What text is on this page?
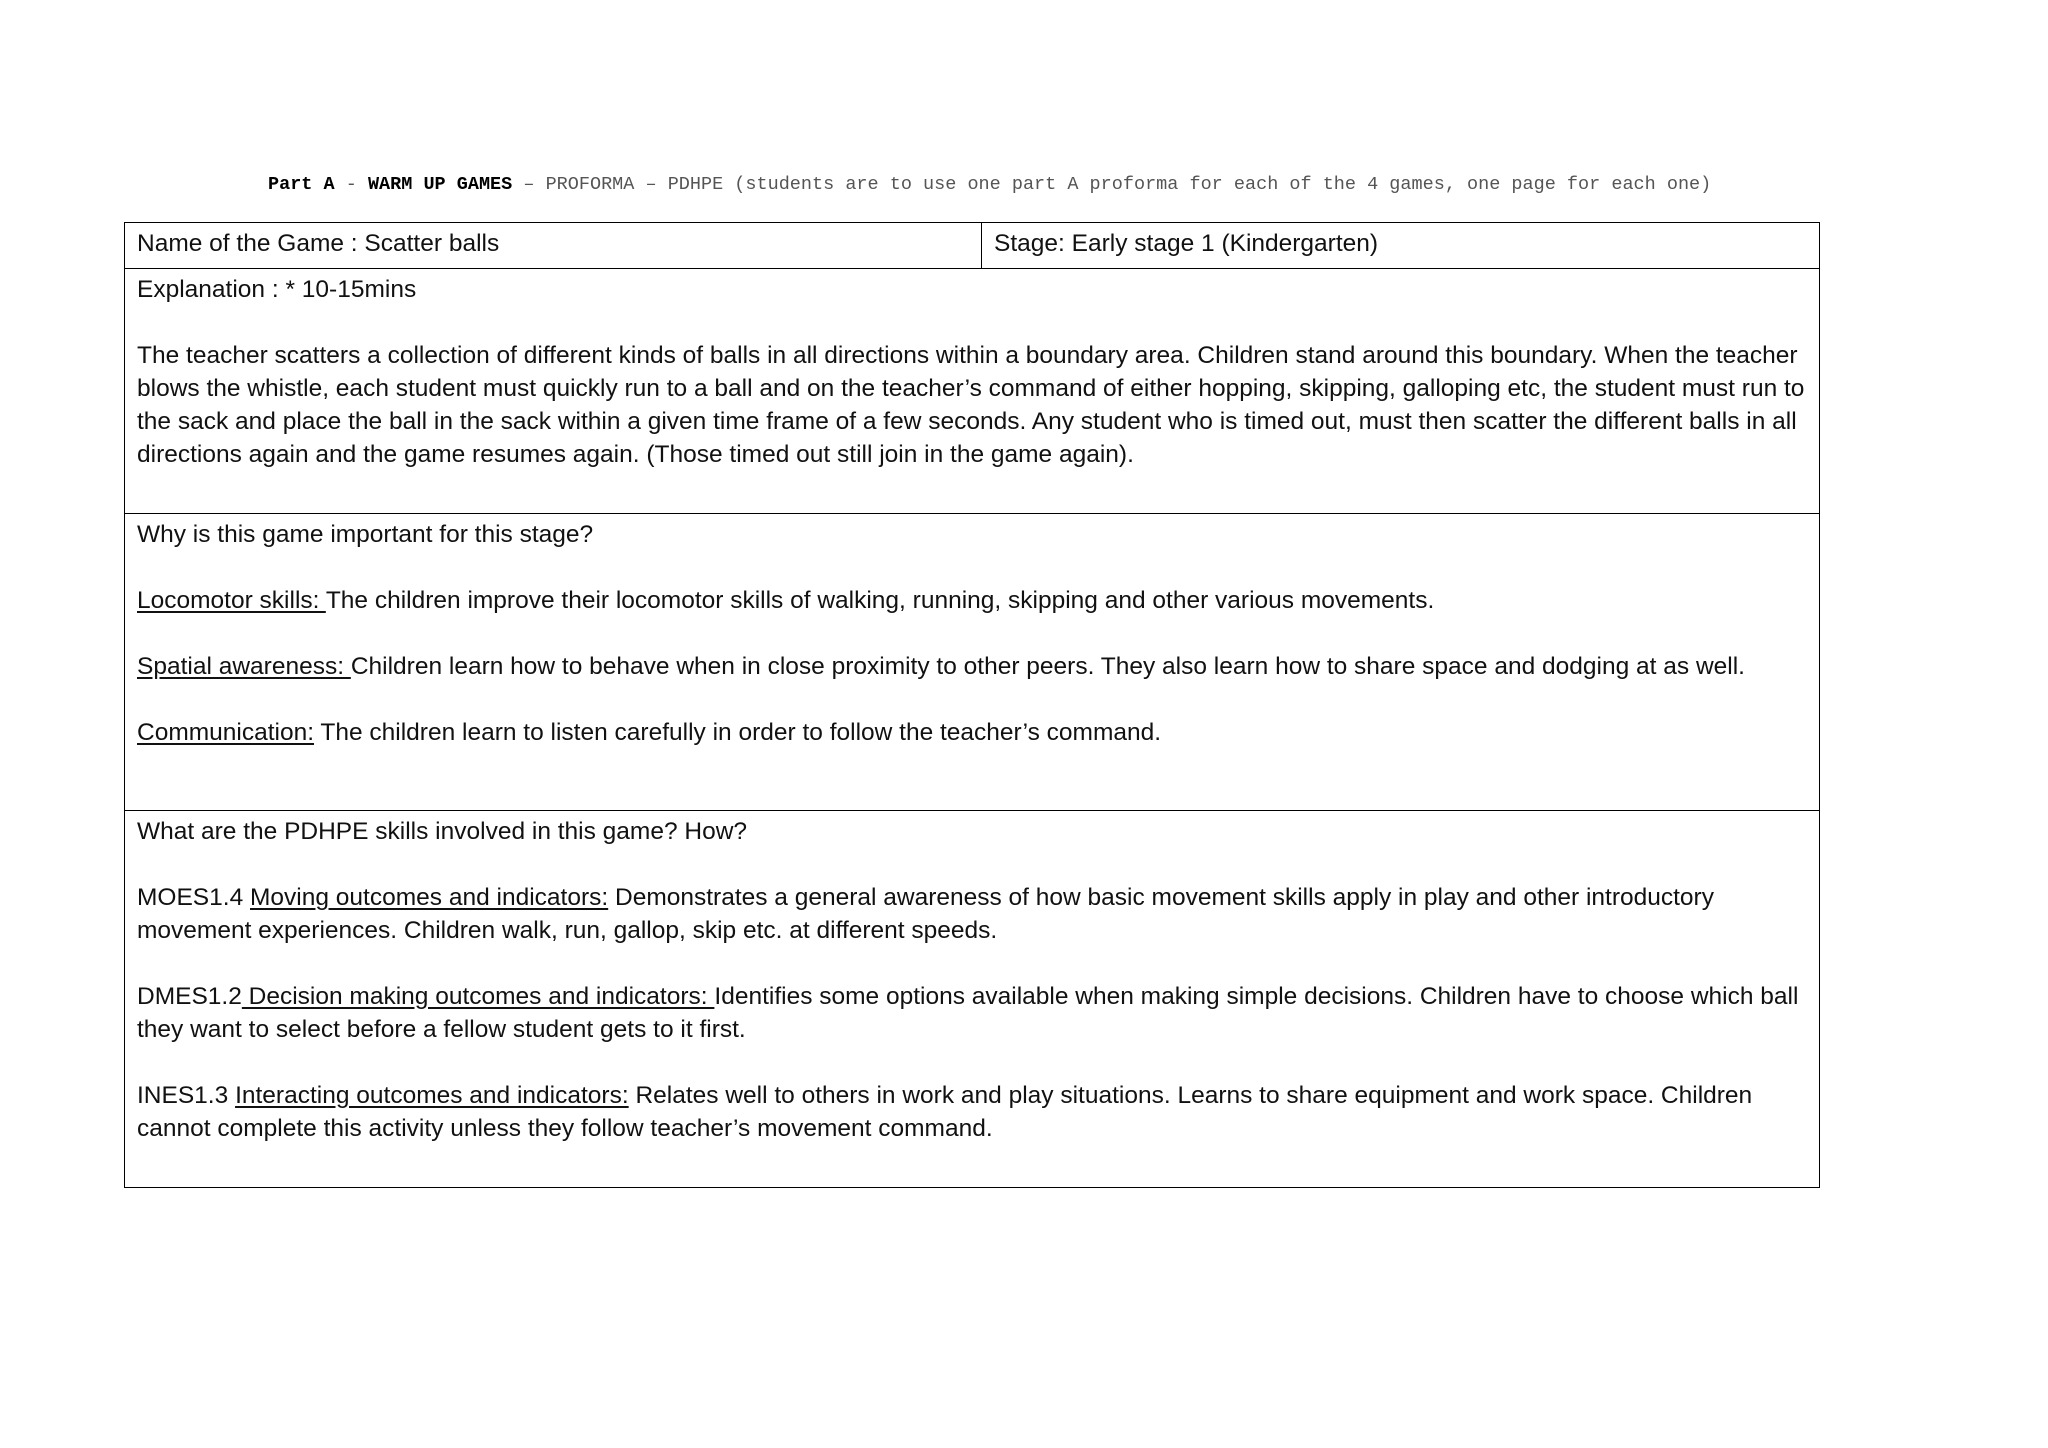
Part A - WARM UP GAMES – PROFORMA – PDHPE (students are to use one part A proforma for each of the 4 games, one page for each one)
Name of the Game : Scatter balls	Stage: Early stage 1 (Kindergarten)

Explanation : * 10-15mins

The teacher scatters a collection of different kinds of balls in all directions within a boundary area. Children stand around this boundary. When the teacher blows the whistle, each student must quickly run to a ball and on the teacher’s command of either hopping, skipping, galloping etc, the student must run to the sack and place the ball in the sack within a given time frame of a few seconds. Any student who is timed out, must then scatter the different balls in all directions again and the game resumes again. (Those timed out still join in the game again).

Why is this game important for this stage?

Locomotor skills: The children improve their locomotor skills of walking, running, skipping and other various movements.

Spatial awareness: Children learn how to behave when in close proximity to other peers. They also learn how to share space and dodging at as well.

Communication: The children learn to listen carefully in order to follow the teacher’s command.

What are the PDHPE skills involved in this game? How?

MOES1.4 Moving outcomes and indicators: Demonstrates a general awareness of how basic movement skills apply in play and other introductory movement experiences. Children walk, run, gallop, skip etc. at different speeds.

DMES1.2 Decision making outcomes and indicators: Identifies some options available when making simple decisions. Children have to choose which ball they want to select before a fellow student gets to it first.

INES1.3 Interacting outcomes and indicators: Relates well to others in work and play situations. Learns to share equipment and work space. Children cannot complete this activity unless they follow teacher’s movement command.
